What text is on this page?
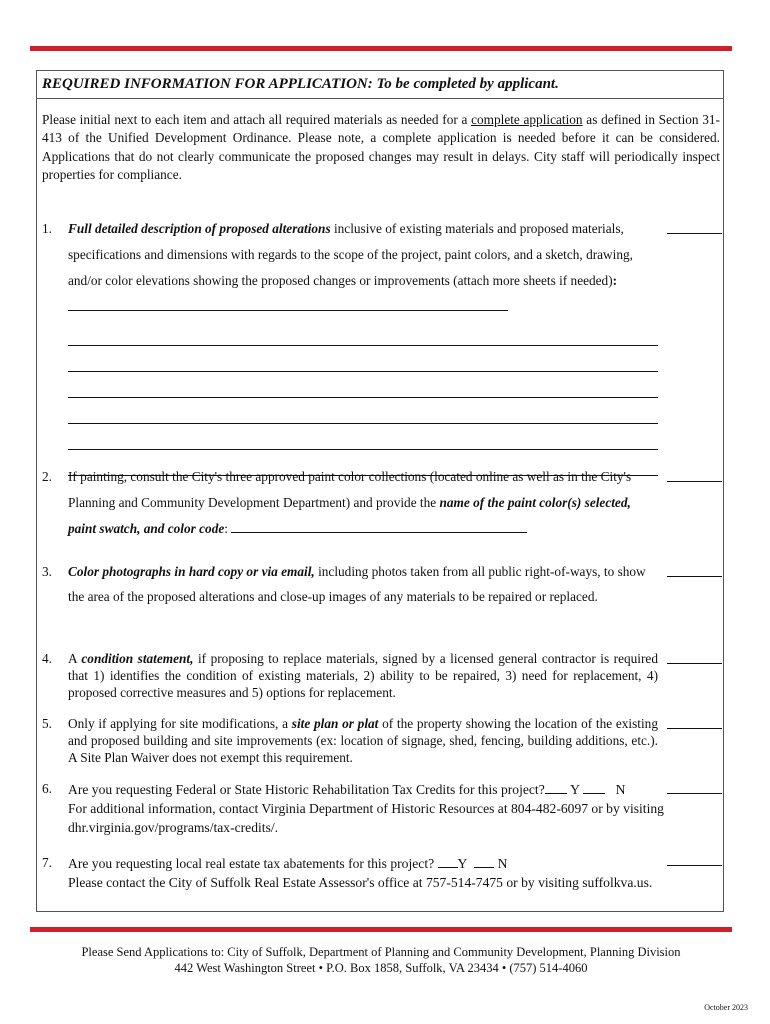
REQUIRED INFORMATION FOR APPLICATION: To be completed by applicant.
Please initial next to each item and attach all required materials as needed for a complete application as defined in Section 31-413 of the Unified Development Ordinance. Please note, a complete application is needed before it can be considered. Applications that do not clearly communicate the proposed changes may result in delays. City staff will periodically inspect properties for compliance.
1. Full detailed description of proposed alterations inclusive of existing materials and proposed materials, specifications and dimensions with regards to the scope of the project, paint colors, and a sketch, drawing, and/or color elevations showing the proposed changes or improvements (attach more sheets if needed):
2. If painting, consult the City's three approved paint color collections (located online as well as in the City's Planning and Community Development Department) and provide the name of the paint color(s) selected, paint swatch, and color code:
3. Color photographs in hard copy or via email, including photos taken from all public right-of-ways, to show the area of the proposed alterations and close-up images of any materials to be repaired or replaced.
4. A condition statement, if proposing to replace materials, signed by a licensed general contractor is required that 1) identifies the condition of existing materials, 2) ability to be repaired, 3) need for replacement, 4) proposed corrective measures and 5) options for replacement.
5. Only if applying for site modifications, a site plan or plat of the property showing the location of the existing and proposed building and site improvements (ex: location of signage, shed, fencing, building additions, etc.). A Site Plan Waiver does not exempt this requirement.
6. Are you requesting Federal or State Historic Rehabilitation Tax Credits for this project? Y	N
For additional information, contact Virginia Department of Historic Resources at 804-482-6097 or by visiting dhr.virginia.gov/programs/tax-credits/.
7. Are you requesting local real estate tax abatements for this project? Y N
Please contact the City of Suffolk Real Estate Assessor's office at 757-514-7475 or by visiting suffolkva.us.
Please Send Applications to: City of Suffolk, Department of Planning and Community Development, Planning Division
442 West Washington Street • P.O. Box 1858, Suffolk, VA 23434 • (757) 514-4060
October 2023
